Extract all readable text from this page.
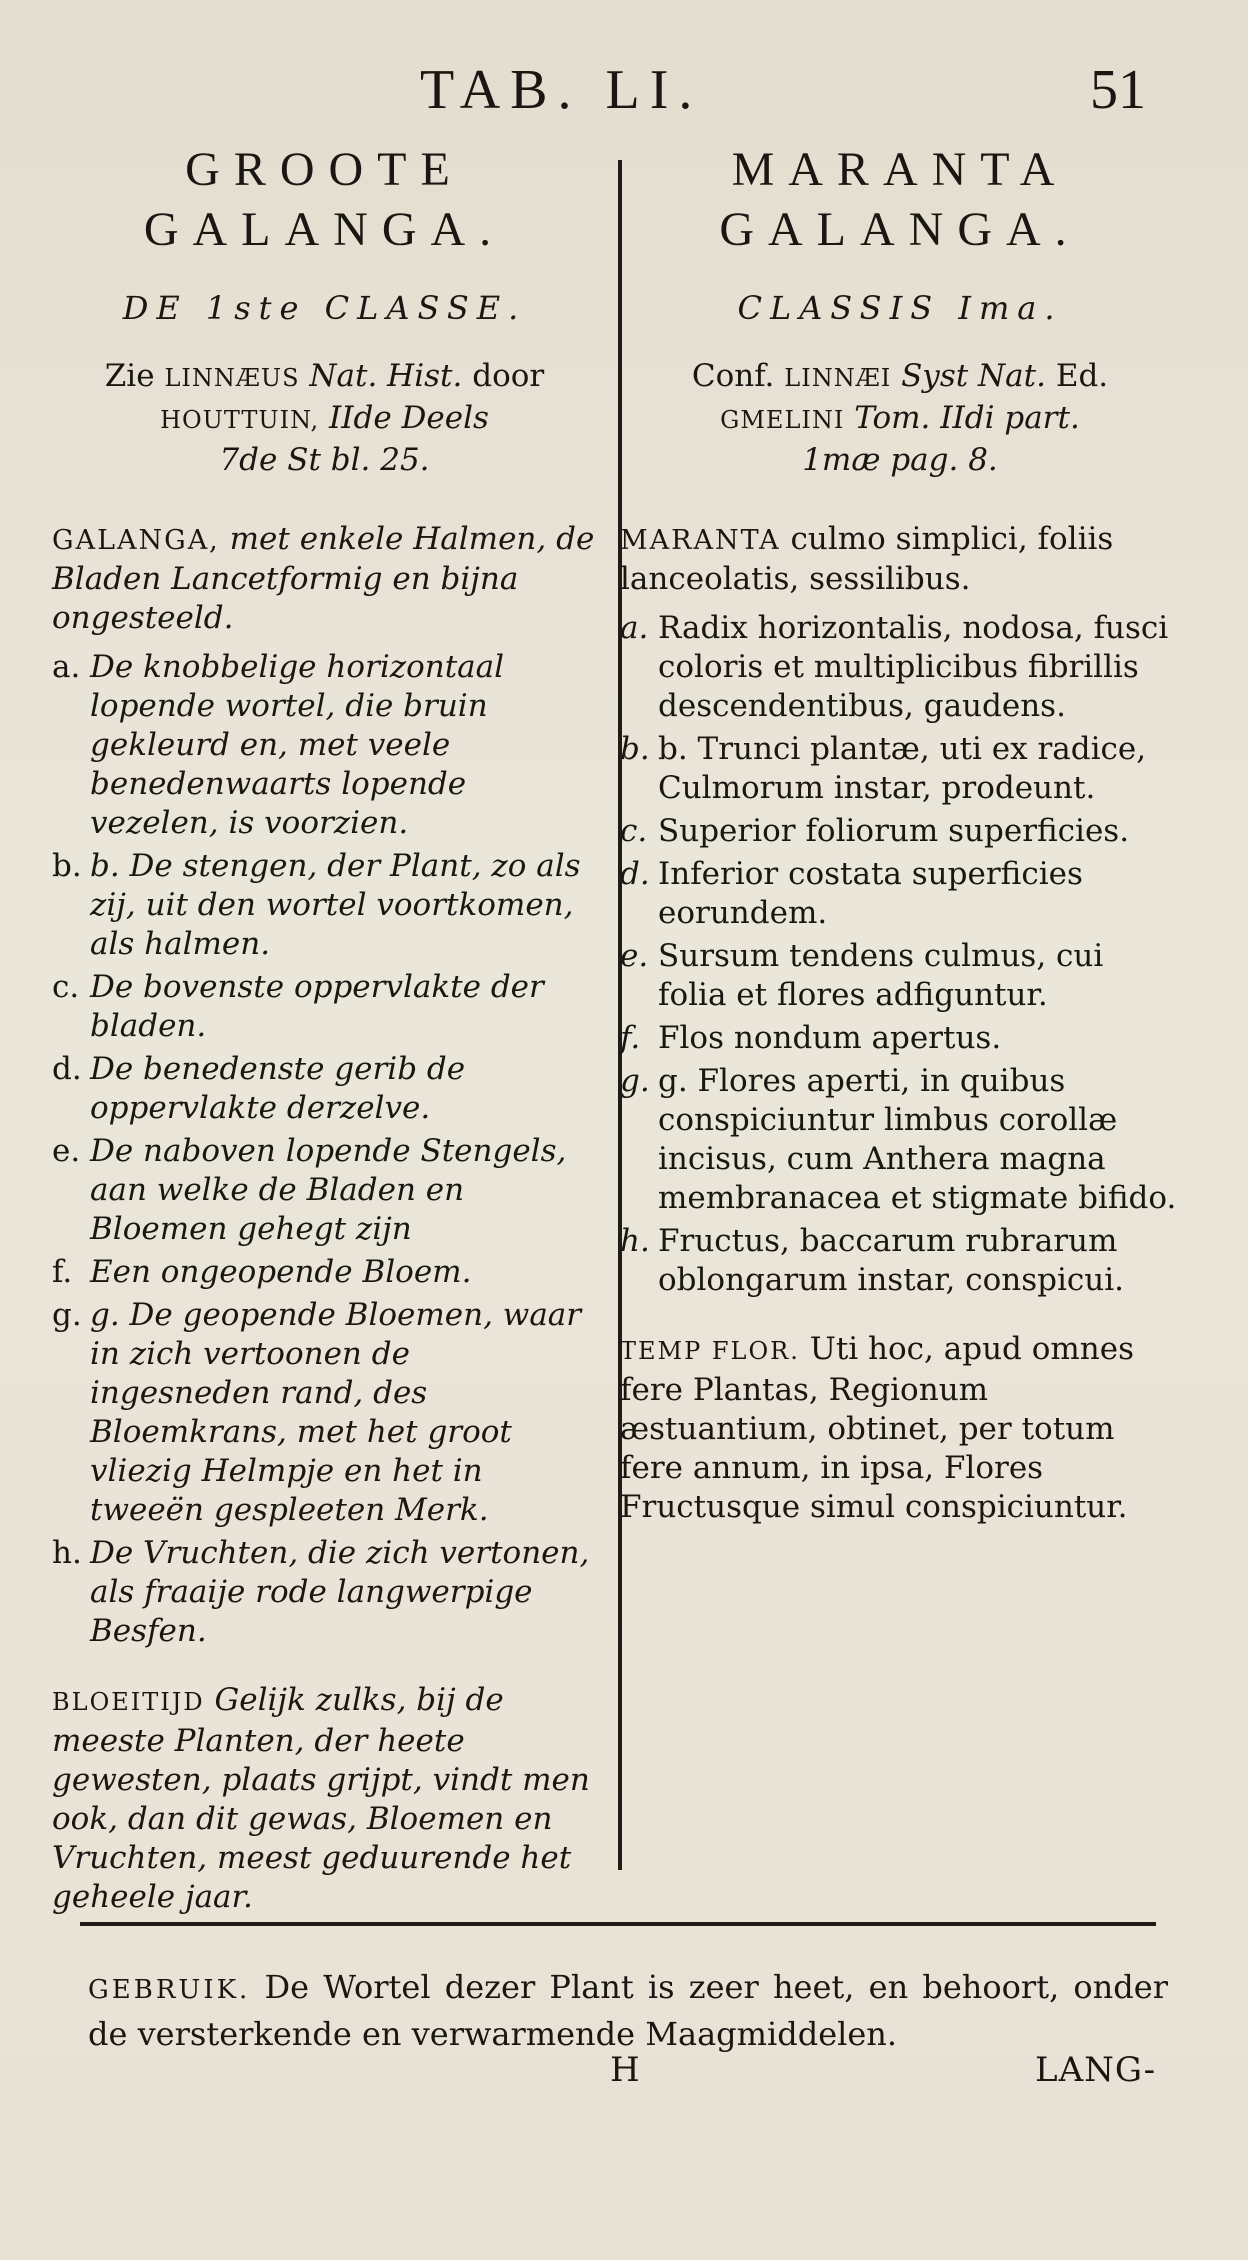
TAB. LI.	51
GROOTE
GALANGA.
DE 1ste CLASSE.
Zie LINNÆUS Nat. Hist. door
HOUTTUIN, IIde Deels
7de St bl. 25.
GALANGA, met enkele Halmen, de Bladen Lancetformig en bijna ongesteeld.
a. De knobbelige horizontaal lopende wortel, die bruin gekleurd en, met veele benedenwaarts lopende vezelen, is voorzien.
b. b. De stengen, der Plant, zo als zij, uit den wortel voortkomen, als halmen.
c. De bovenste oppervlakte der bladen.
d. De benedenste gerib de oppervlakte derzelve.
e. De naboven lopende Stengels, aan welke de Bladen en Bloemen gehegt zijn
f. Een ongeopende Bloem.
g. g. De geopende Bloemen, waar in zich vertoonen de ingesneden rand, des Bloemkrans, met het groot vliezig Helmpje en het in tweeën gespleeten Merk.
h. De Vruchten, die zich vertonen, als fraaije rode langwerpige Besfen.
BLOEITIJD Gelijk zulks, bij de meeste Planten, der heete gewesten, plaats grijpt, vindt men ook, dan dit gewas, Bloemen en Vruchten, meest geduurende het geheele jaar.
MARANTA
GALANGA.
CLASSIS Ima.
Conf. LINNÆI Syst Nat. Ed.
GMELINI Tom. IIdi part.
1mæ pag. 8.
MARANTA culmo simplici, foliis lanceolatis, sessilibus.
a. Radix horizontalis, nodosa, fusci coloris et multiplicibus fibrillis descendentibus, gaudens.
b. b. Trunci plantæ, uti ex radice, Culmorum instar, prodeunt.
c. Superior foliorum superficies.
d. Inferior costata superficies eorundem.
e. Sursum tendens culmus, cui folia et flores adfiguntur.
f. Flos nondum apertus.
g. g. Flores aperti, in quibus conspiciuntur limbus corollæ incisus, cum Anthera magna membranacea et stigmate bifido.
h. Fructus, baccarum rubrarum oblongarum instar, conspicui.
TEMP FLOR. Uti hoc, apud omnes fere Plantas, Regionum æstuantium, obtinet, per totum fere annum, in ipsa, Flores Fructusque simul conspiciuntur.
GEBRUIK. De Wortel dezer Plant is zeer heet, en behoort, onder de versterkende en verwarmende Maagmiddelen.
H	LANG-
